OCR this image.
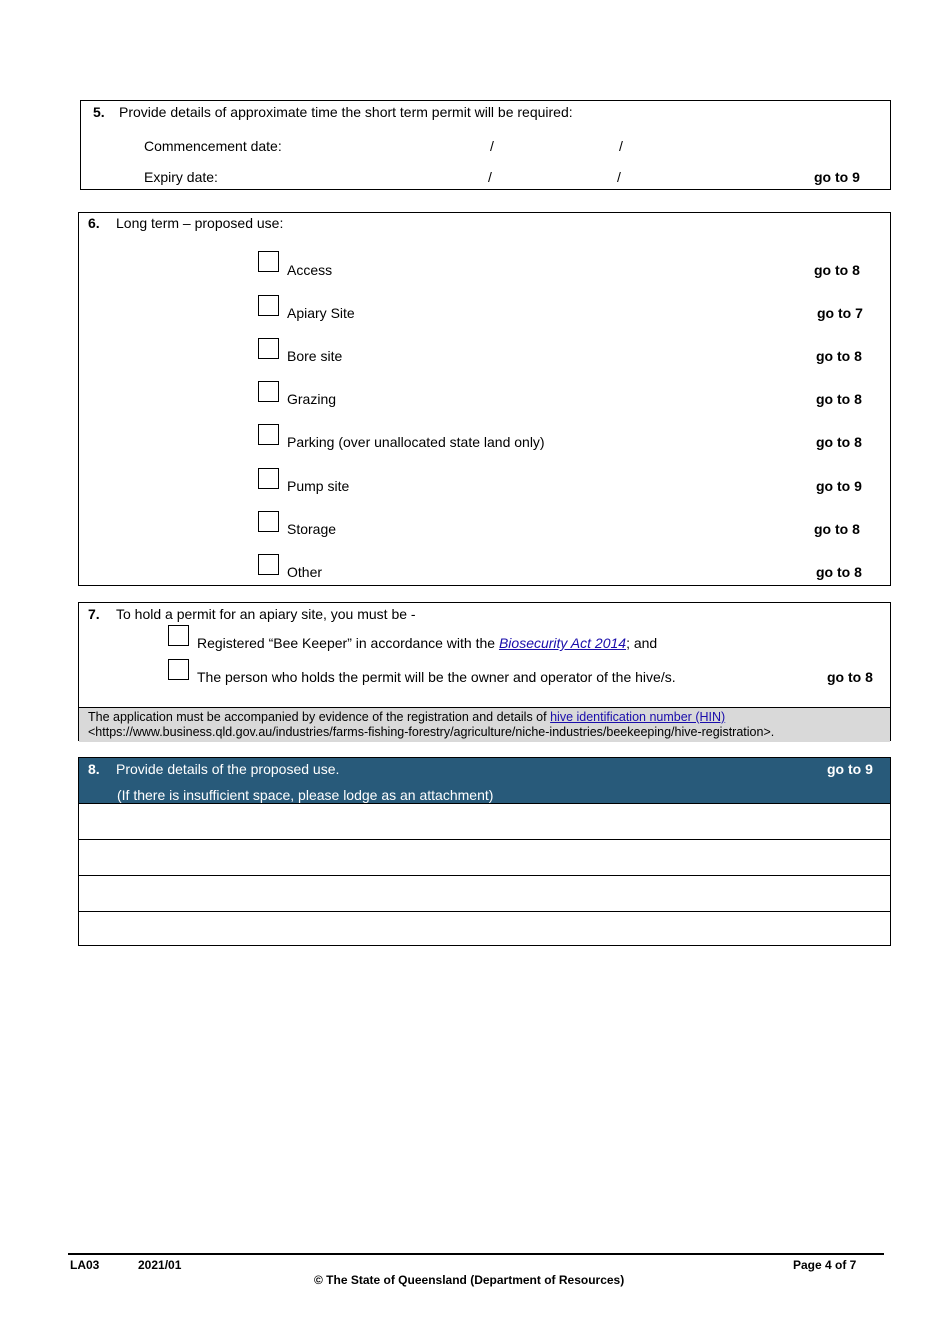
5. Provide details of approximate time the short term permit will be required:
Commencement date:	/	/
Expiry date:	/	/	go to 9
6. Long term – proposed use:
Access	go to 8
Apiary Site	go to 7
Bore site	go to 8
Grazing	go to 8
Parking (over unallocated state land only)	go to 8
Pump site	go to 9
Storage	go to 8
Other	go to 8
7. To hold a permit for an apiary site, you must be -
Registered “Bee Keeper” in accordance with the Biosecurity Act 2014; and
The person who holds the permit will be the owner and operator of the hive/s.	go to 8
The application must be accompanied by evidence of the registration and details of hive identification number (HIN)
<https://www.business.qld.gov.au/industries/farms-fishing-forestry/agriculture/niche-industries/beekeeping/hive-registration>.
8. Provide details of the proposed use.	go to 9
(If there is insufficient space, please lodge as an attachment)
LA03	2021/01	Page 4 of 7
© The State of Queensland (Department of Resources)
